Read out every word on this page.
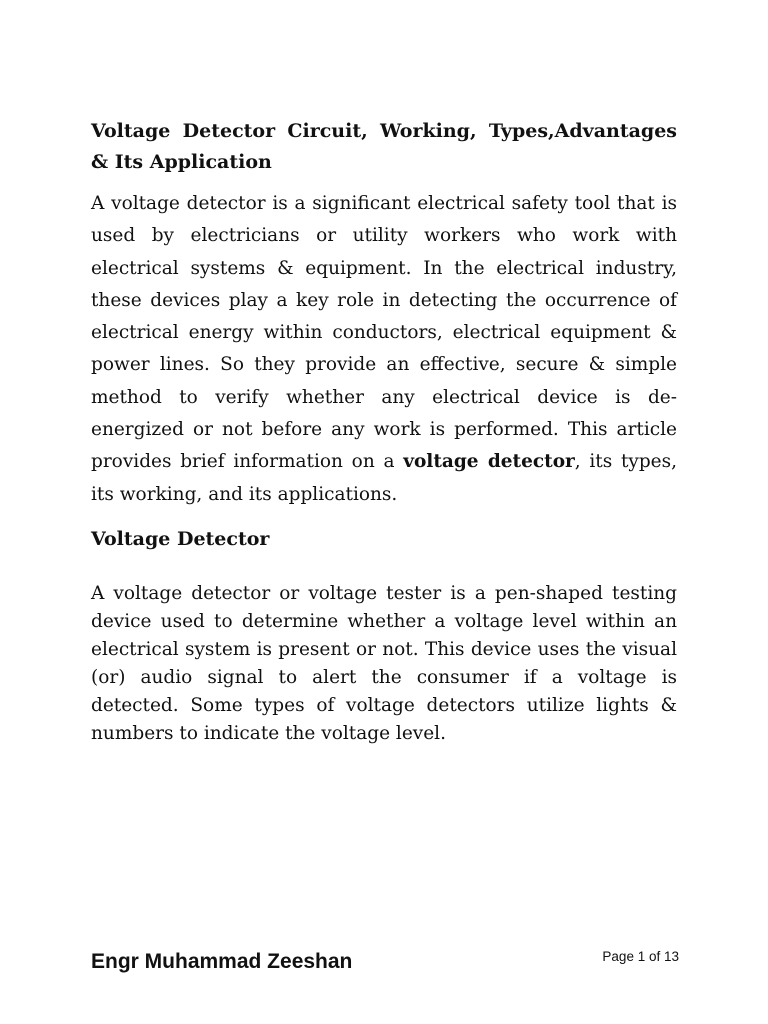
Voltage Detector Circuit, Working, Types,Advantages & Its Application

A voltage detector is a significant electrical safety tool that is used by electricians or utility workers who work with electrical systems & equipment. In the electrical industry, these devices play a key role in detecting the occurrence of electrical energy within conductors, electrical equipment & power lines. So they provide an effective, secure & simple method to verify whether any electrical device is de-energized or not before any work is performed. This article provides brief information on a voltage detector, its types, its working, and its applications.

Voltage Detector

A voltage detector or voltage tester is a pen-shaped testing device used to determine whether a voltage level within an electrical system is present or not. This device uses the visual (or) audio signal to alert the consumer if a voltage is detected. Some types of voltage detectors utilize lights & numbers to indicate the voltage level.

Engr Muhammad Zeeshan	Page 1 of 13
